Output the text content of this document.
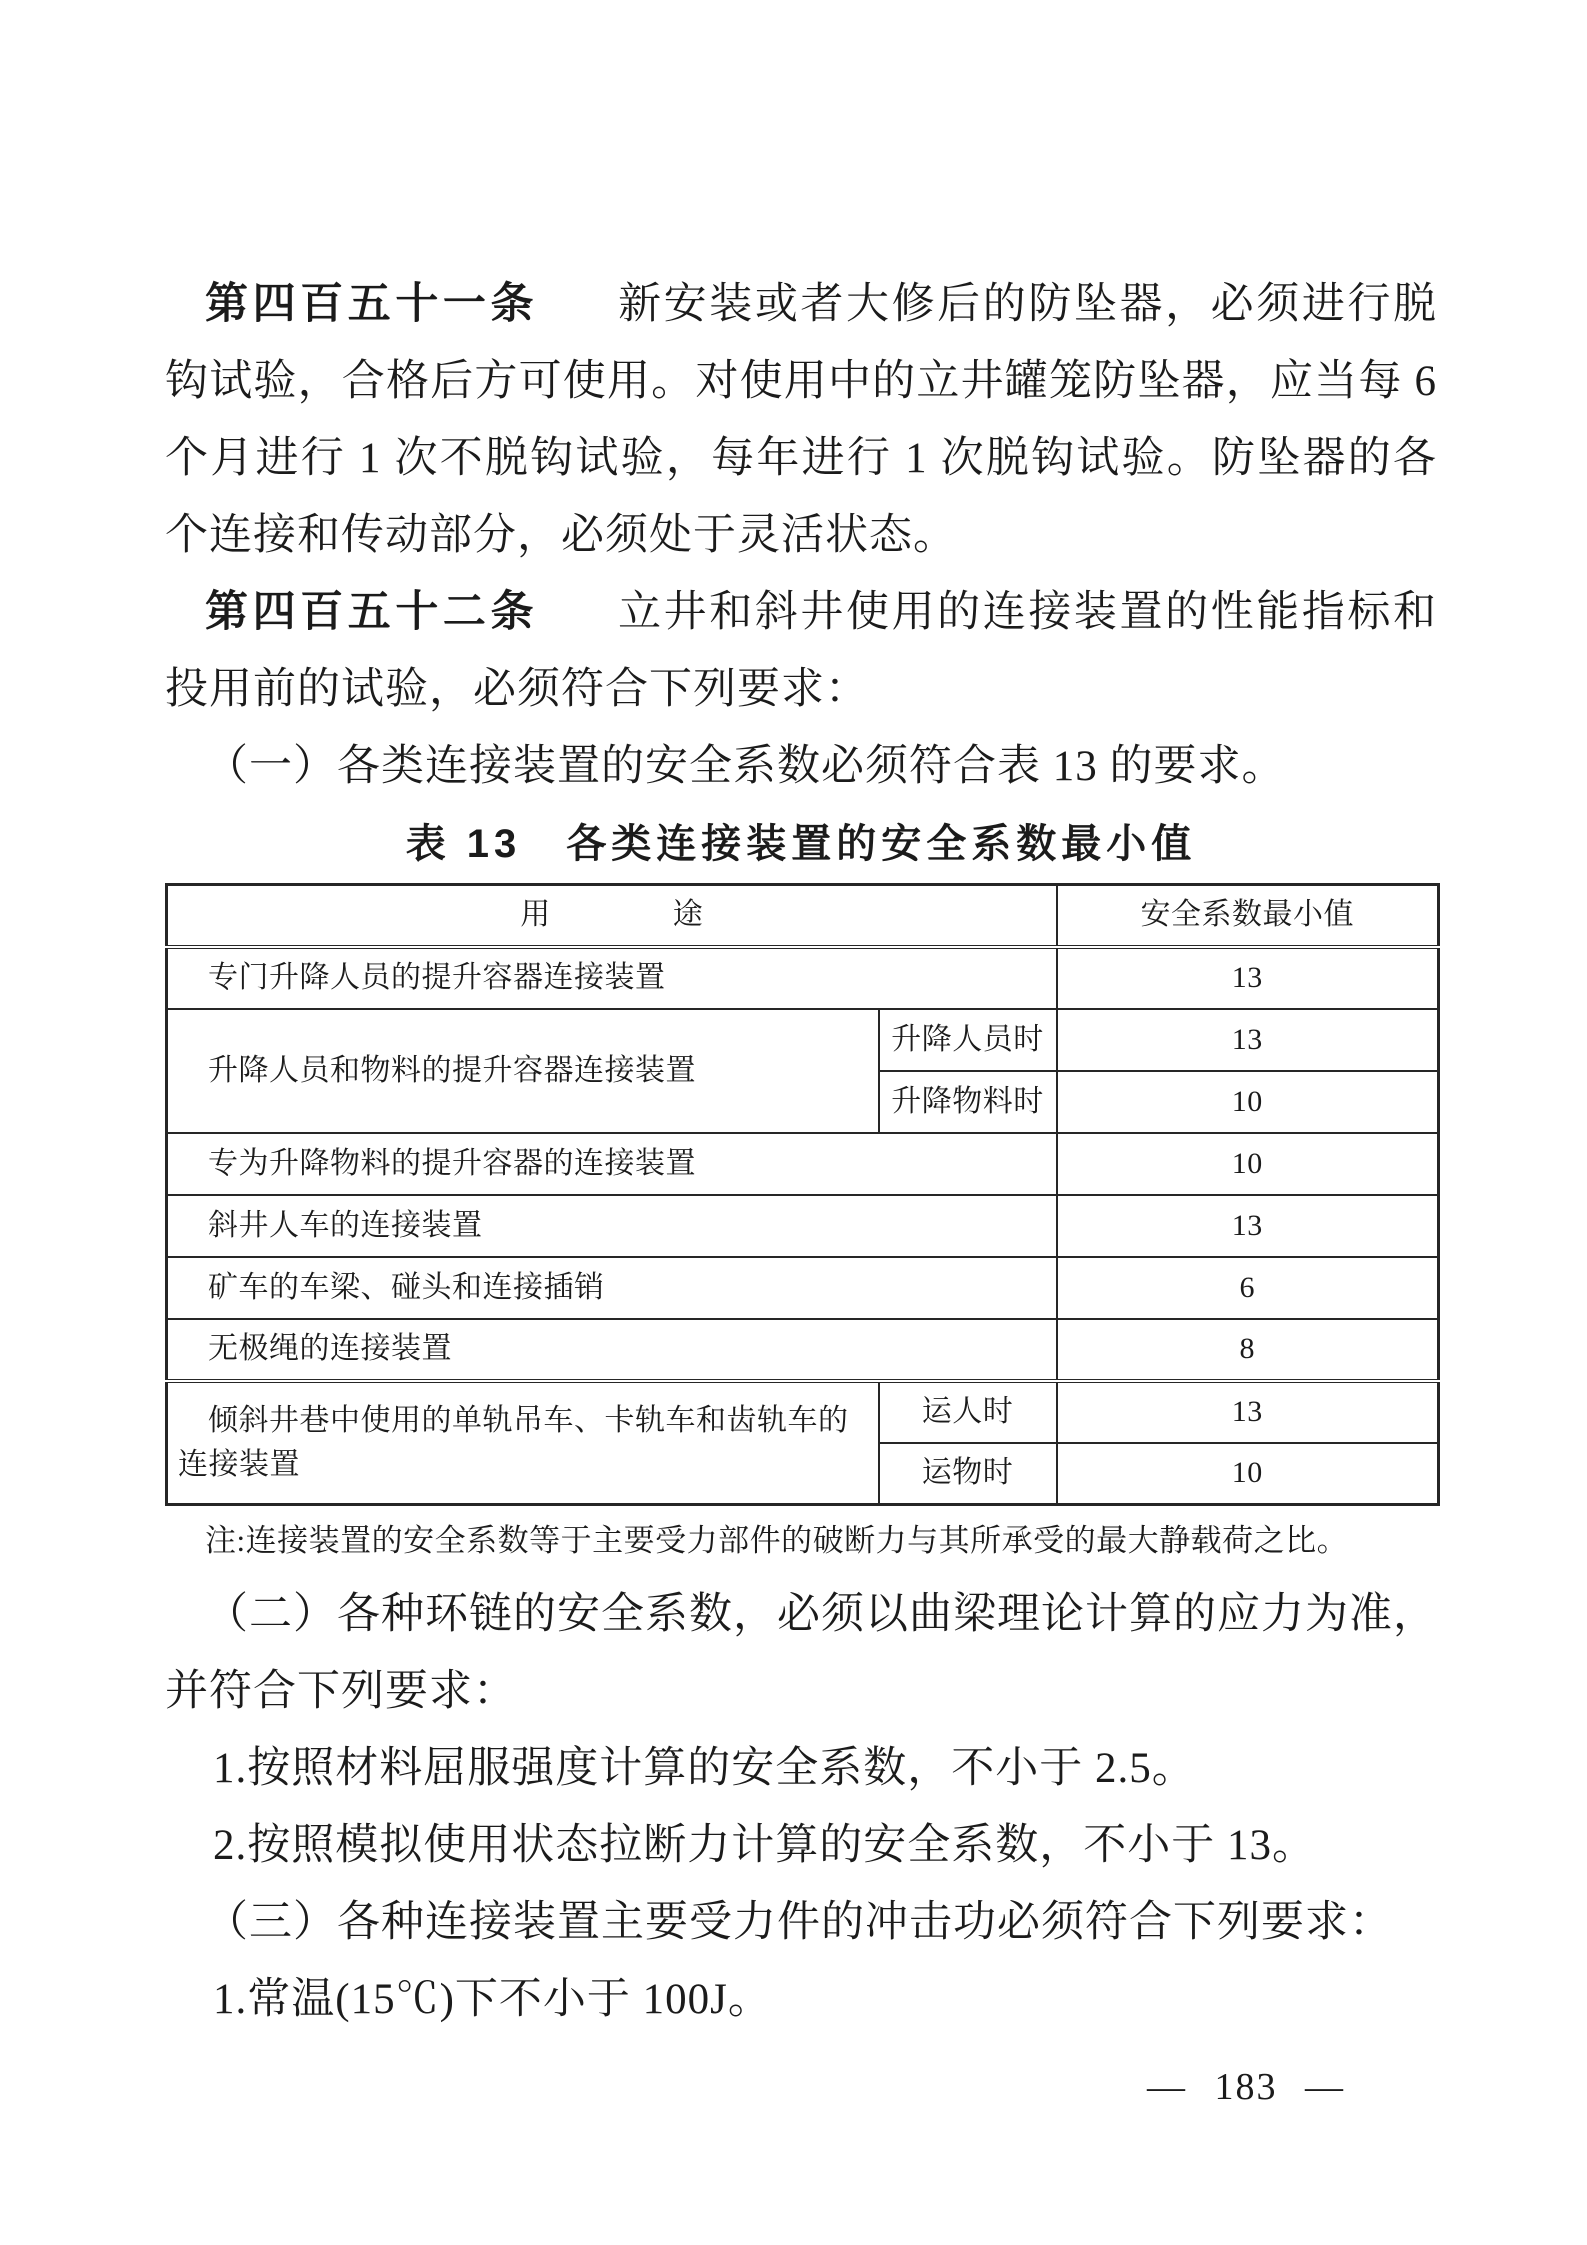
第四百五十一条 新安装或者大修后的防坠器，必须进行脱钩试验，合格后方可使用。对使用中的立井罐笼防坠器，应当每 6 个月进行 1 次不脱钩试验，每年进行 1 次脱钩试验。防坠器的各个连接和传动部分，必须处于灵活状态。

第四百五十二条 立井和斜井使用的连接装置的性能指标和投用前的试验，必须符合下列要求：

（一）各类连接装置的安全系数必须符合表 13 的要求。

表 13　各类连接装置的安全系数最小值
用　　　　途		安全系数最小值
专门升降人员的提升容器连接装置		13
升降人员和物料的提升容器连接装置	升降人员时	13
	升降物料时	10
专为升降物料的提升容器的连接装置		10
斜井人车的连接装置		13
矿车的车梁、碰头和连接插销		6
无极绳的连接装置		8
倾斜井巷中使用的单轨吊车、卡轨车和齿轨车的连接装置	运人时	13
	运物时	10
注:连接装置的安全系数等于主要受力部件的破断力与其所承受的最大静载荷之比。

（二）各种环链的安全系数，必须以曲梁理论计算的应力为准，并符合下列要求：

1.按照材料屈服强度计算的安全系数，不小于 2.5。

2.按照模拟使用状态拉断力计算的安全系数，不小于 13。

（三）各种连接装置主要受力件的冲击功必须符合下列要求：

1.常温(15℃)下不小于 100J。

— 183 —
